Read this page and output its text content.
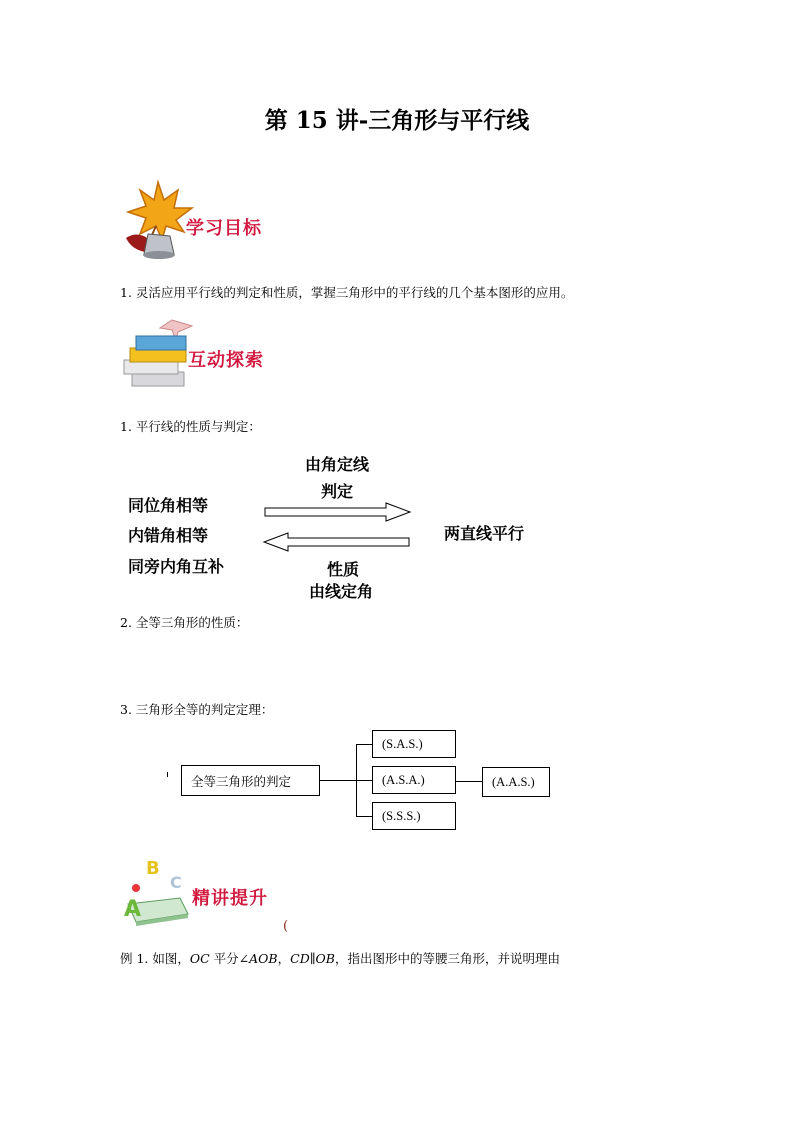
第 15 讲-三角形与平行线
学习目标
1. 灵活应用平行线的判定和性质，掌握三角形中的平行线的几个基本图形的应用。
互动探索
1. 平行线的性质与判定：
由角定线
判定
同位角相等
内错角相等
同旁内角互补
两直线平行
性质
由线定角
2. 全等三角形的性质：
3. 三角形全等的判定定理：
全等三角形的判定
(S.A.S.)
(A.S.A.)
(S.S.S.)
(A.A.S.)
B
C
A	精讲提升
(
例 1. 如图，OC 平分∠AOB，CD∥OB，指出图形中的等腰三角形，并说明理由
